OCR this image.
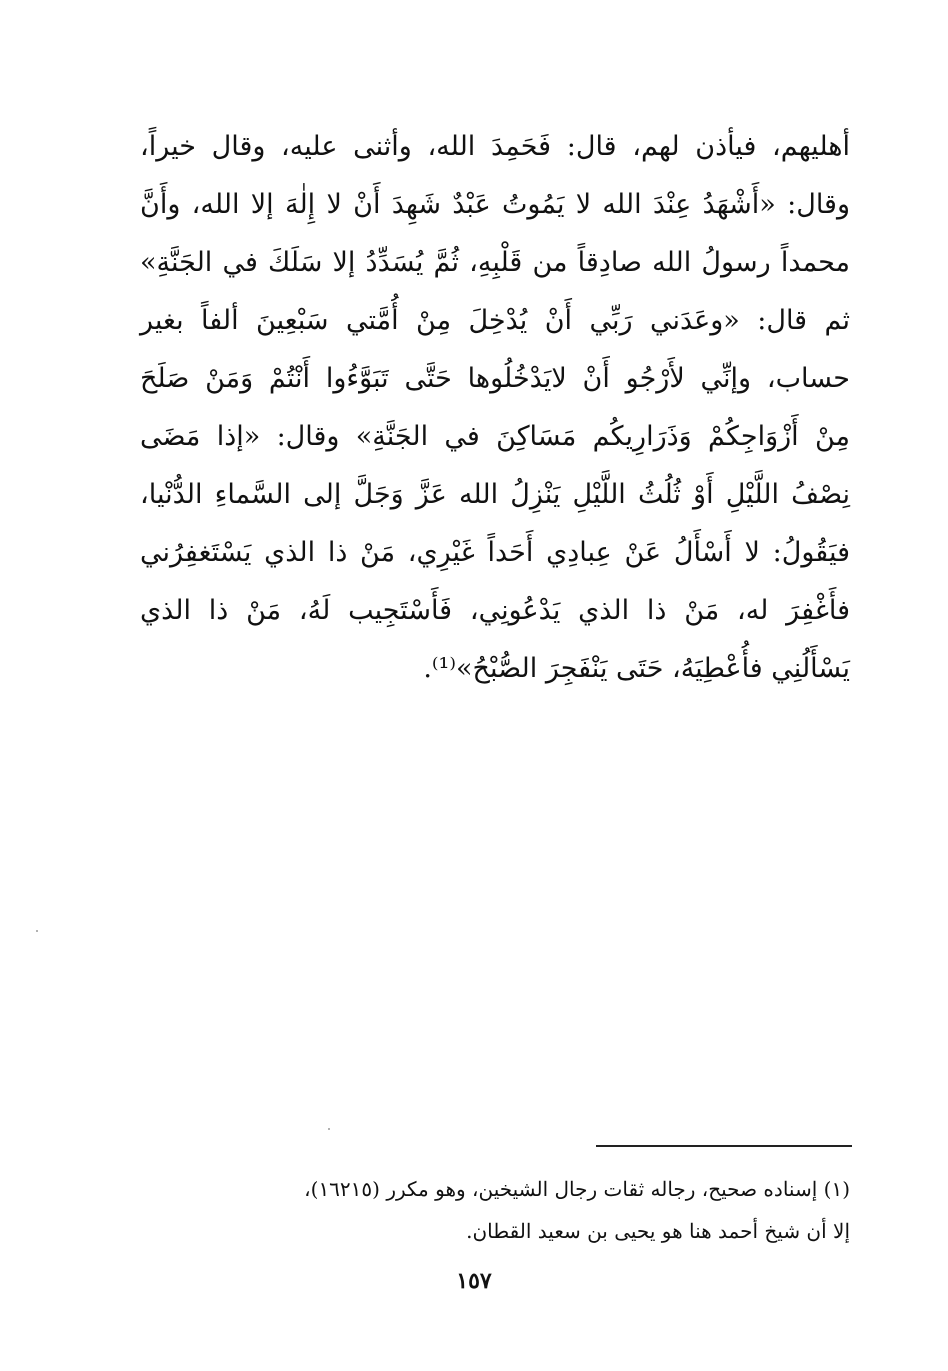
أهليهم، فيأذن لهم، قال: فَحَمِدَ الله، وأثنى عليه، وقال خيراً،
وقال: «أَشْهَدُ عِنْدَ الله لا يَمُوتُ عَبْدٌ شَهِدَ أَنْ لا إِلٰهَ إلا الله، وأَنَّ
محمداً رسولُ الله صادِقاً من قَلْبِهِ، ثُمَّ يُسَدِّدُ إلا سَلَكَ في الجَنَّةِ»
ثم قال: «وعَدَني رَبِّي أَنْ يُدْخِلَ مِنْ أُمَّتي سَبْعِينَ ألفاً بغير
حساب، وإنِّي لأَرْجُو أَنْ لايَدْخُلُوها حَتَّى تَبَوَّءُوا أَنْتُمْ وَمَنْ صَلَحَ
مِنْ أَزْوَاجِكُمْ وَذَرَارِيكُم مَسَاكِنَ في الجَنَّةِ» وقال: «إذا مَضَى
نِصْفُ اللَّيْلِ أَوْ ثُلُثُ اللَّيْلِ يَنْزِلُ الله عَزَّ وَجَلَّ إلى السَّماءِ الدُّنْيا،
فيَقُولُ: لا أَسْأَلُ عَنْ عِبادِي أَحَداً غَيْرِي، مَنْ ذا الذي يَسْتَغفِرُني
فأَغْفِرَ له، مَنْ ذا الذي يَدْعُونِي، فَأَسْتَجِيب لَهُ، مَنْ ذا الذي
يَسْأَلُنِي فأُعْطِيَهُ، حَتَى يَنْفَجِرَ الصُّبْحُ»⁽¹⁾.
(١) إسناده صحيح، رجاله ثقات رجال الشيخين، وهو مكرر (١٦٢١٥)،
إلا أن شيخ أحمد هنا هو يحيى بن سعيد القطان.
١٥٧
